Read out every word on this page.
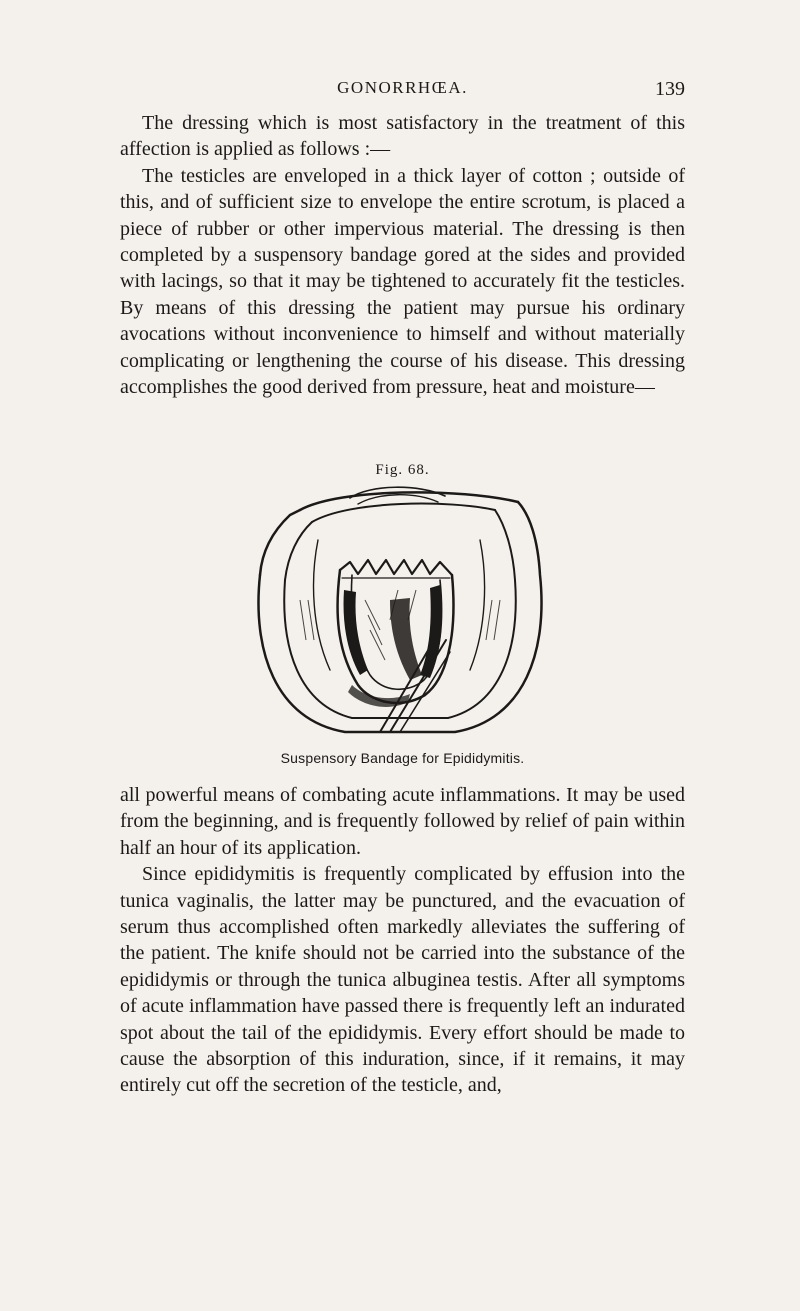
GONORRHŒA.	139

The dressing which is most satisfactory in the treatment of this affection is applied as follows :—

The testicles are enveloped in a thick layer of cotton ; outside of this, and of sufficient size to envelope the entire scrotum, is placed a piece of rubber or other impervious material. The dressing is then completed by a suspensory bandage gored at the sides and provided with lacings, so that it may be tightened to accurately fit the testicles. By means of this dressing the patient may pursue his ordinary avocations without inconvenience to himself and without materially complicating or lengthening the course of his disease. This dressing accomplishes the good derived from pressure, heat and moisture—

Fig. 68.
Suspensory Bandage for Epididymitis.

all powerful means of combating acute inflammations. It may be used from the beginning, and is frequently followed by relief of pain within half an hour of its application.

Since epididymitis is frequently complicated by effusion into the tunica vaginalis, the latter may be punctured, and the evacuation of serum thus accomplished often markedly alleviates the suffering of the patient. The knife should not be carried into the substance of the epididymis or through the tunica albuginea testis. After all symptoms of acute inflammation have passed there is frequently left an indurated spot about the tail of the epididymis. Every effort should be made to cause the absorption of this induration, since, if it remains, it may entirely cut off the secretion of the testicle, and,
